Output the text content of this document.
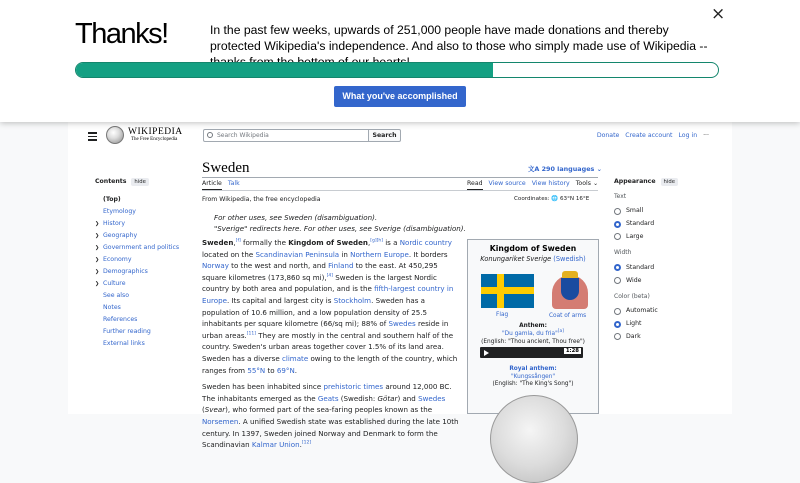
Thanks!	In the past few weeks, upwards of 251,000 people have made donations and thereby protected Wikipedia's independence. And also to those who simply made use of Wikipedia --
×
What you've accomplished
WIKIPEDIA
The Free Encyclopedia
Search Wikipedia	Search	Donate Create account Log in ···
Sweden	文A 290 languages ⌄
Article Talk	Read View source View history Tools ⌄
From Wikipedia, the free encyclopedia	Coordinates: 🌐 63°N 16°E
For other uses, see Sweden (disambiguation).
"Sverige" redirects here. For other uses, see Sverige (disambiguation).

Sweden,[f] formally the Kingdom of Sweden,[g][h] is a Nordic country located on the Scandinavian Peninsula in Northern Europe. It borders Norway to the west and north, and Finland to the east. At 450,295 square kilometres (173,860 sq mi),[4] Sweden is the largest Nordic country by both area and population, and is the fifth-largest country in Europe. Its capital and largest city is Stockholm. Sweden has a population of 10.6 million, and a low population density of 25.5 inhabitants per square kilometre (66/sq mi); 88% of Swedes reside in urban areas.[11] They are mostly in the central and southern half of the country. Sweden's urban areas together cover 1.5% of its land area. Sweden has a diverse climate owing to the length of the country, which ranges from 55°N to 69°N.

Sweden has been inhabited since prehistoric times around 12,000 BC. The inhabitants emerged as the Geats (Swedish: Götar) and Swedes (Svear), who formed part of the sea-faring peoples known as the Norsemen. A unified Swedish state was established during the late 10th century. In 1397, Sweden joined Norway and Denmark to form the Scandinavian Kalmar Union.[12]

Contents hide
(Top)
Etymology
❯ History
❯ Geography
❯ Government and politics
❯ Economy
❯ Demographics
❯ Culture
See also
Notes
References
Further reading
External links
Kingdom of Sweden
Konungariket Sverige (Swedish)
Flag	Coat of arms
Anthem:
"Du gamla, du fria"[a]
(English: "Thou ancient, Thou free")
1:28
Royal anthem:
"Kungssången"
(English: "The King's Song")
Appearance hide
Text
Small
Standard
Large
Width
Standard
Wide
Color (beta)
Automatic
Light
Dark
